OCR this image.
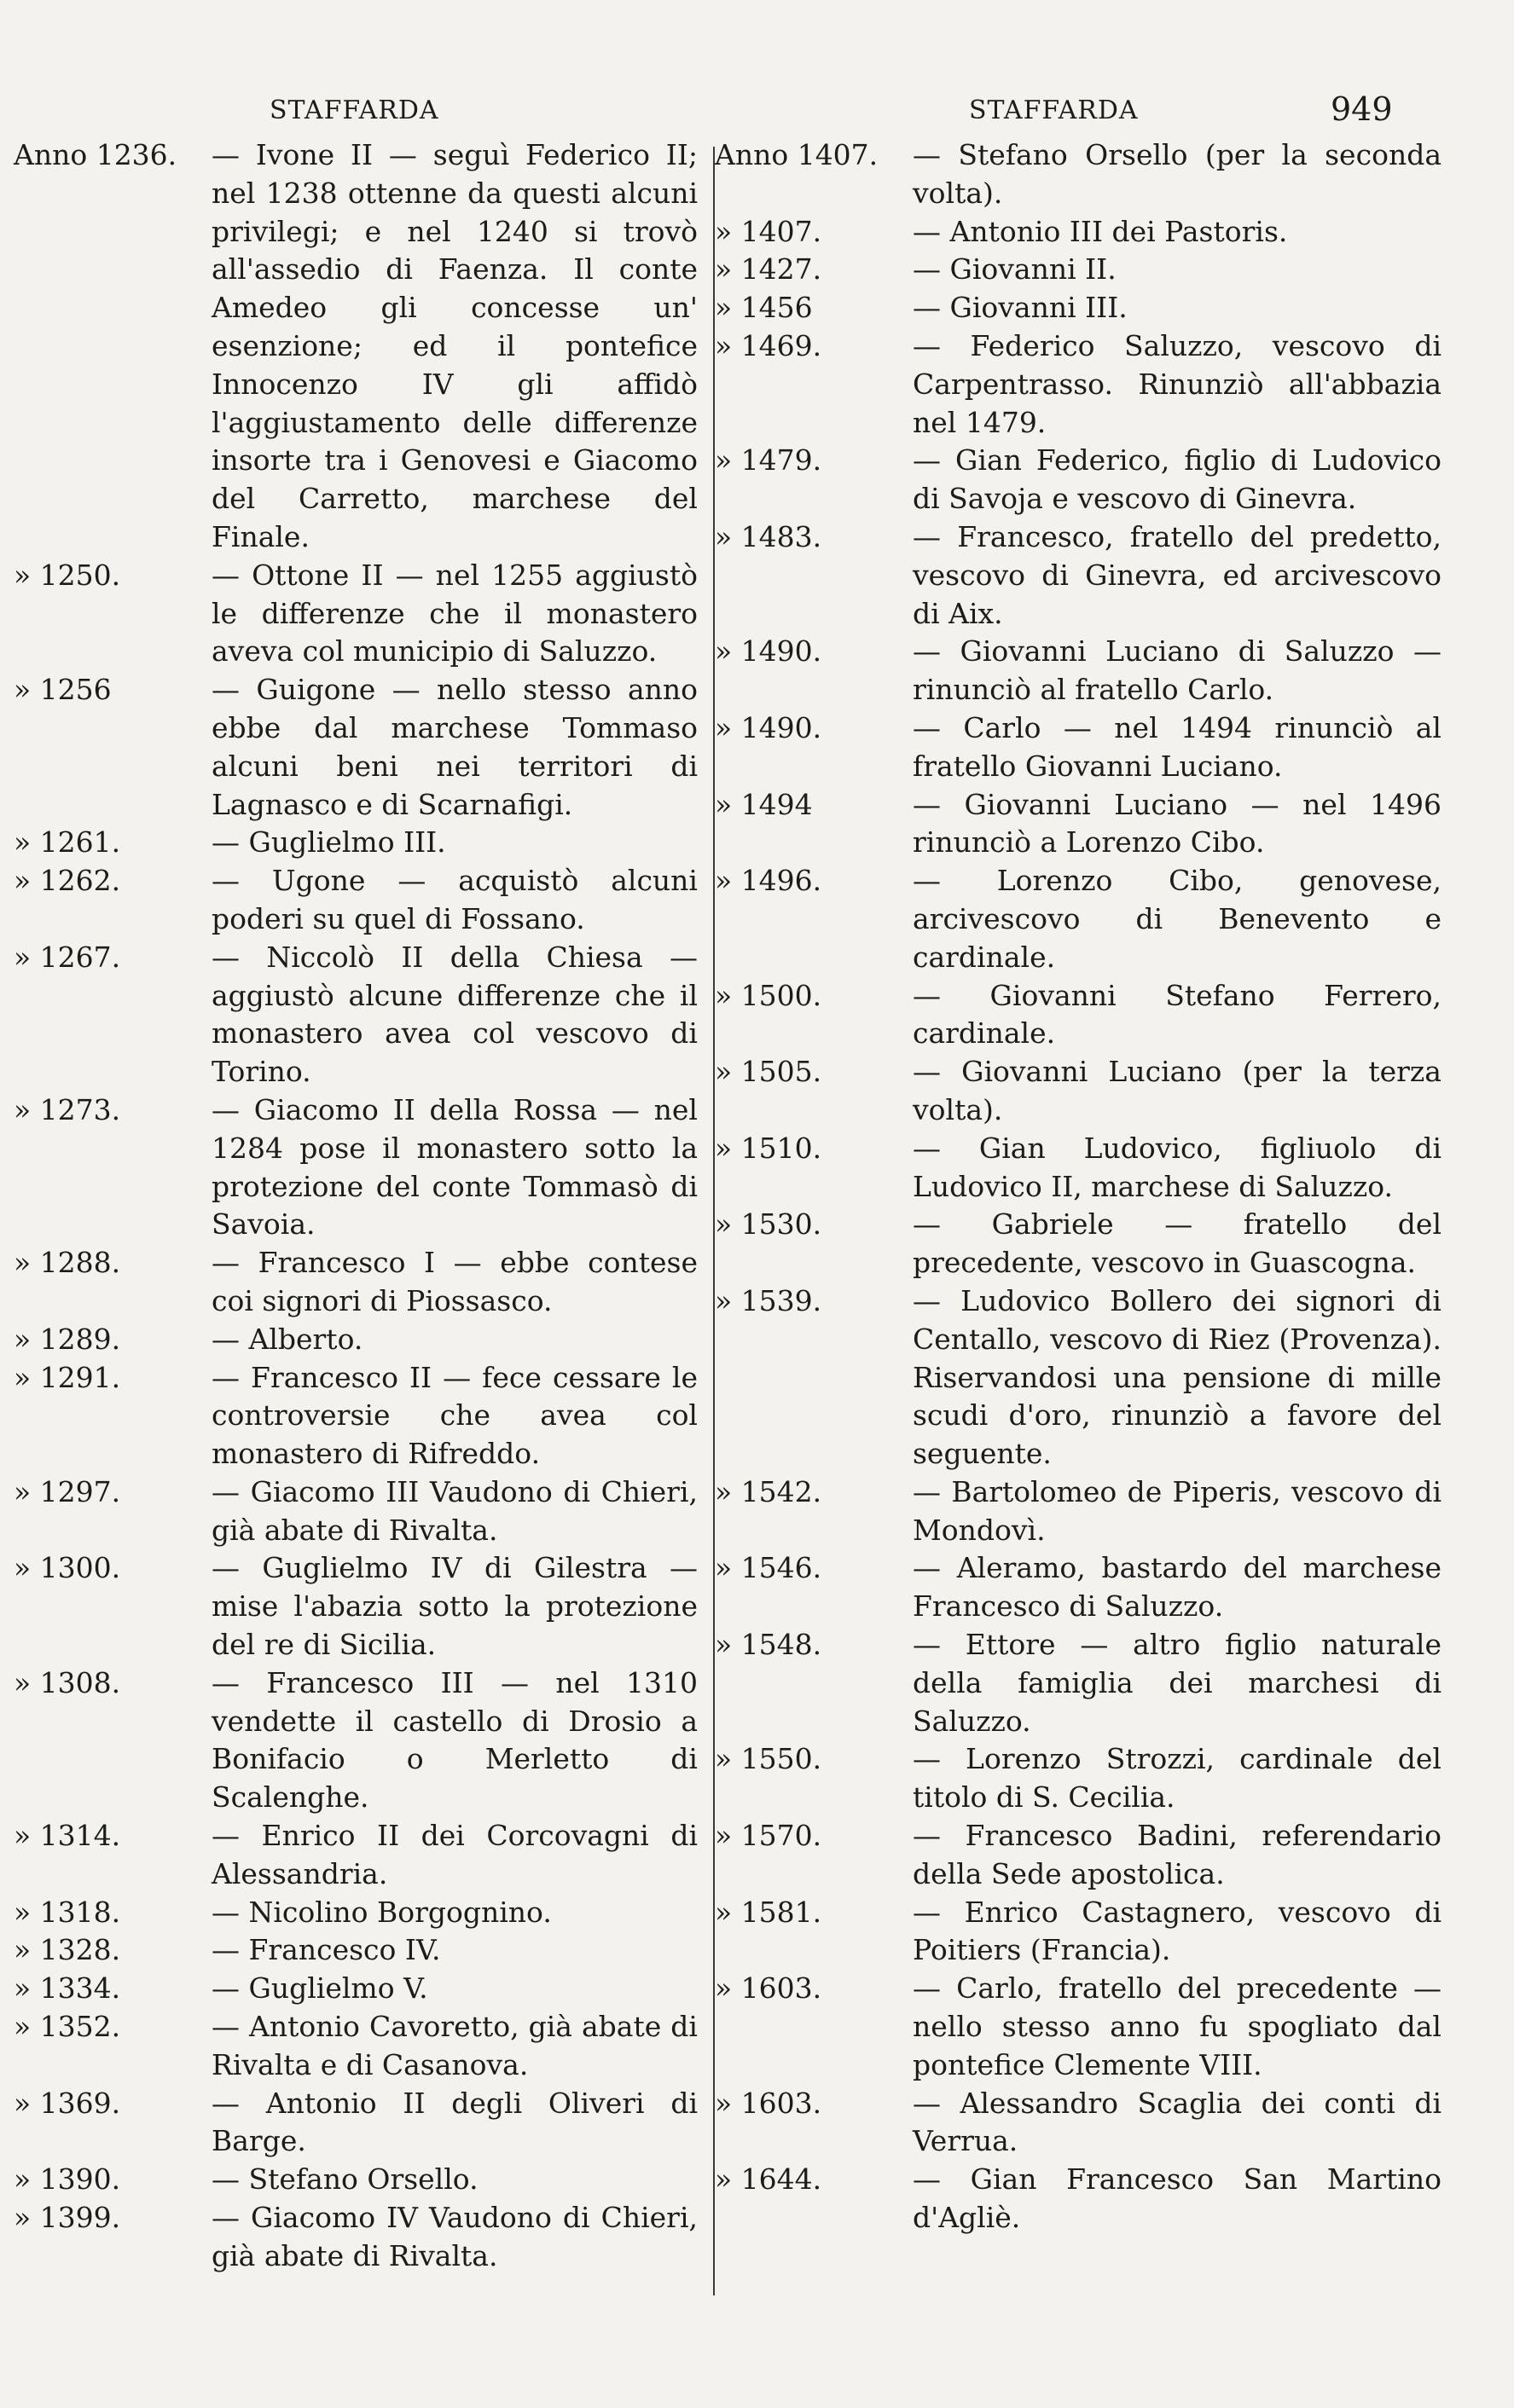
STAFFARDA	STAFFARDA	949
Anno 1236.	— Ivone II — seguì Federico II; nel 1238 ottenne da questi alcuni privilegi; e nel 1240 si trovò all'assedio di Faenza. Il conte Amedeo gli concesse un' esenzione; ed il pontefice Innocenzo IV gli affidò l'aggiustamento delle differenze insorte tra i Genovesi e Giacomo del Carretto, marchese del Finale.
» 1250.	— Ottone II — nel 1255 aggiustò le differenze che il monastero aveva col municipio di Saluzzo.
» 1256	— Guigone — nello stesso anno ebbe dal marchese Tommaso alcuni beni nei territori di Lagnasco e di Scarnafigi.
» 1261.	— Guglielmo III.
» 1262.	— Ugone — acquistò alcuni poderi su quel di Fossano.
» 1267.	— Niccolò II della Chiesa — aggiustò alcune differenze che il monastero avea col vescovo di Torino.
» 1273.	— Giacomo II della Rossa — nel 1284 pose il monastero sotto la protezione del conte Tommasò di Savoia.
» 1288.	— Francesco I — ebbe contese coi signori di Piossasco.
» 1289.	— Alberto.
» 1291.	— Francesco II — fece cessare le controversie che avea col monastero di Rifreddo.
» 1297.	— Giacomo III Vaudono di Chieri, già abate di Rivalta.
» 1300.	— Guglielmo IV di Gilestra — mise l'abazia sotto la protezione del re di Sicilia.
» 1308.	— Francesco III — nel 1310 vendette il castello di Drosio a Bonifacio o Merletto di Scalenghe.
» 1314.	— Enrico II dei Corcovagni di Alessandria.
» 1318.	— Nicolino Borgognino.
» 1328.	— Francesco IV.
» 1334.	— Guglielmo V.
» 1352.	— Antonio Cavoretto, già abate di Rivalta e di Casanova.
» 1369.	— Antonio II degli Oliveri di Barge.
» 1390.	— Stefano Orsello.
» 1399.	— Giacomo IV Vaudono di Chieri, già abate di Rivalta.
Anno 1407.	— Stefano Orsello (per la seconda volta).
» 1407.	— Antonio III dei Pastoris.
» 1427.	— Giovanni II.
» 1456	— Giovanni III.
» 1469.	— Federico Saluzzo, vescovo di Carpentrasso. Rinunziò all'abbazia nel 1479.
» 1479.	— Gian Federico, figlio di Ludovico di Savoja e vescovo di Ginevra.
» 1483.	— Francesco, fratello del predetto, vescovo di Ginevra, ed arcivescovo di Aix.
» 1490.	— Giovanni Luciano di Saluzzo — rinunciò al fratello Carlo.
» 1490.	— Carlo — nel 1494 rinunciò al fratello Giovanni Luciano.
» 1494	— Giovanni Luciano — nel 1496 rinunciò a Lorenzo Cibo.
» 1496.	— Lorenzo Cibo, genovese, arcivescovo di Benevento e cardinale.
» 1500.	— Giovanni Stefano Ferrero, cardinale.
» 1505.	— Giovanni Luciano (per la terza volta).
» 1510.	— Gian Ludovico, figliuolo di Ludovico II, marchese di Saluzzo.
» 1530.	— Gabriele — fratello del precedente, vescovo in Guascogna.
» 1539.	— Ludovico Bollero dei signori di Centallo, vescovo di Riez (Provenza). Riservandosi una pensione di mille scudi d'oro, rinunziò a favore del seguente.
» 1542.	— Bartolomeo de Piperis, vescovo di Mondovì.
» 1546.	— Aleramo, bastardo del marchese Francesco di Saluzzo.
» 1548.	— Ettore — altro figlio naturale della famiglia dei marchesi di Saluzzo.
» 1550.	— Lorenzo Strozzi, cardinale del titolo di S. Cecilia.
» 1570.	— Francesco Badini, referendario della Sede apostolica.
» 1581.	— Enrico Castagnero, vescovo di Poitiers (Francia).
» 1603.	— Carlo, fratello del precedente — nello stesso anno fu spogliato dal pontefice Clemente VIII.
» 1603.	— Alessandro Scaglia dei conti di Verrua.
» 1644.	— Gian Francesco San Martino d'Agliè.
